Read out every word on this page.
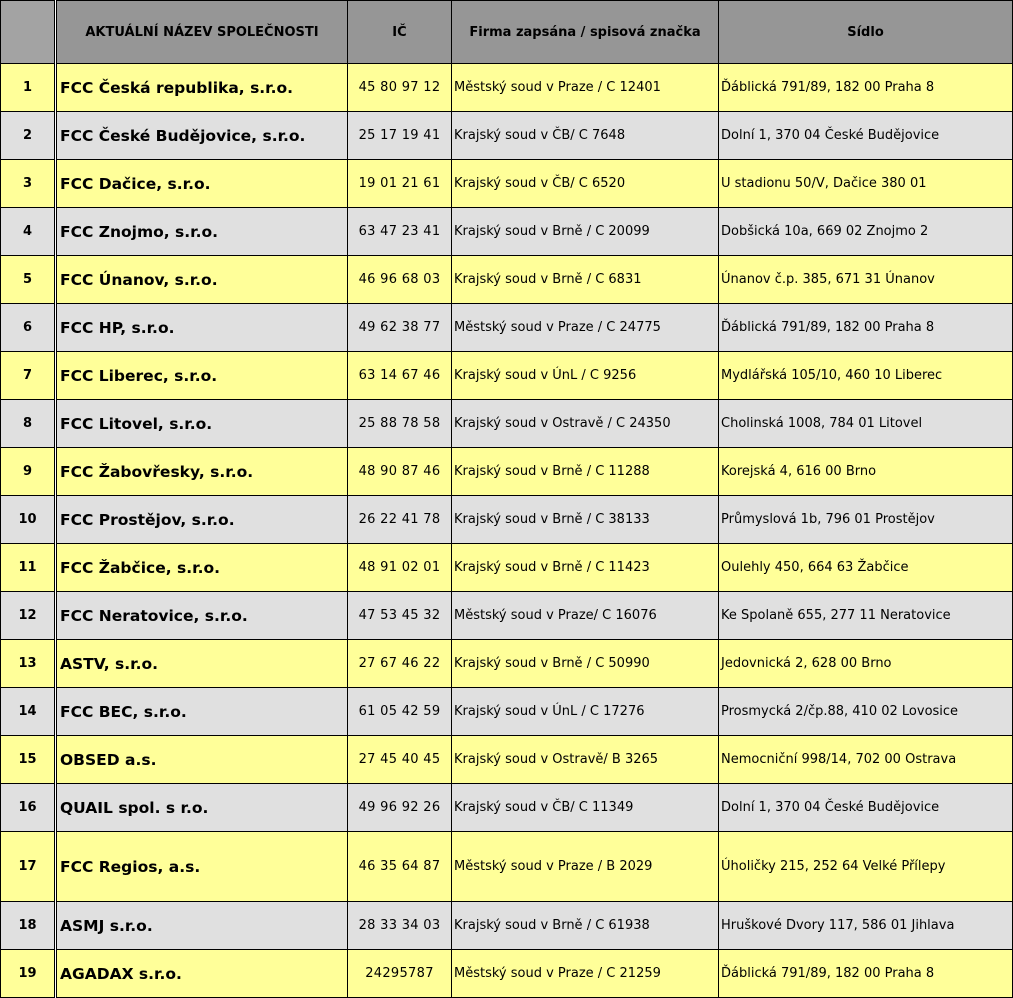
	AKTUÁLNÍ NÁZEV SPOLEČNOSTI	IČ	Firma zapsána / spisová značka	Sídlo
1	FCC Česká republika, s.r.o.	45 80 97 12	Městský soud v Praze / C 12401	Ďáblická 791/89, 182 00 Praha 8
2	FCC České Budějovice, s.r.o.	25 17 19 41	Krajský soud v ČB/ C 7648	Dolní 1, 370 04 České Budějovice
3	FCC Dačice, s.r.o.	19 01 21 61	Krajský soud v ČB/ C 6520	U stadionu 50/V, Dačice 380 01
4	FCC Znojmo, s.r.o.	63 47 23 41	Krajský soud v Brně / C 20099	Dobšická 10a, 669 02 Znojmo 2
5	FCC Únanov, s.r.o.	46 96 68 03	Krajský soud v Brně / C 6831	Únanov č.p. 385, 671 31 Únanov
6	FCC HP, s.r.o.	49 62 38 77	Městský soud v Praze / C 24775	Ďáblická 791/89, 182 00 Praha 8
7	FCC Liberec, s.r.o.	63 14 67 46	Krajský soud v ÚnL / C 9256	Mydlářská 105/10, 460 10 Liberec
8	FCC Litovel, s.r.o.	25 88 78 58	Krajský soud v Ostravě / C 24350	Cholinská 1008, 784 01 Litovel
9	FCC Žabovřesky, s.r.o.	48 90 87 46	Krajský soud v Brně / C 11288	Korejská 4, 616 00 Brno
10	FCC Prostějov, s.r.o.	26 22 41 78	Krajský soud v Brně / C 38133	Průmyslová 1b, 796 01 Prostějov
11	FCC Žabčice, s.r.o.	48 91 02 01	Krajský soud v Brně / C 11423	Oulehly 450, 664 63 Žabčice
12	FCC Neratovice, s.r.o.	47 53 45 32	Městský soud v Praze/ C 16076	Ke Spolaně 655, 277 11 Neratovice
13	ASTV, s.r.o.	27 67 46 22	Krajský soud v Brně / C 50990	Jedovnická 2, 628 00 Brno
14	FCC BEC, s.r.o.	61 05 42 59	Krajský soud v ÚnL / C 17276	Prosmycká 2/čp.88, 410 02 Lovosice
15	OBSED a.s.	27 45 40 45	Krajský soud v Ostravě/ B 3265	Nemocniční 998/14, 702 00 Ostrava
16	QUAIL spol. s r.o.	49 96 92 26	Krajský soud v ČB/ C 11349	Dolní 1, 370 04 České Budějovice
17	FCC Regios, a.s.	46 35 64 87	Městský soud v Praze / B 2029	Úholičky 215, 252 64 Velké Přílepy
18	ASMJ s.r.o.	28 33 34 03	Krajský soud v Brně / C 61938	Hruškové Dvory 117, 586 01 Jihlava
19	AGADAX s.r.o.	24295787	Městský soud v Praze / C 21259	Ďáblická 791/89, 182 00 Praha 8
